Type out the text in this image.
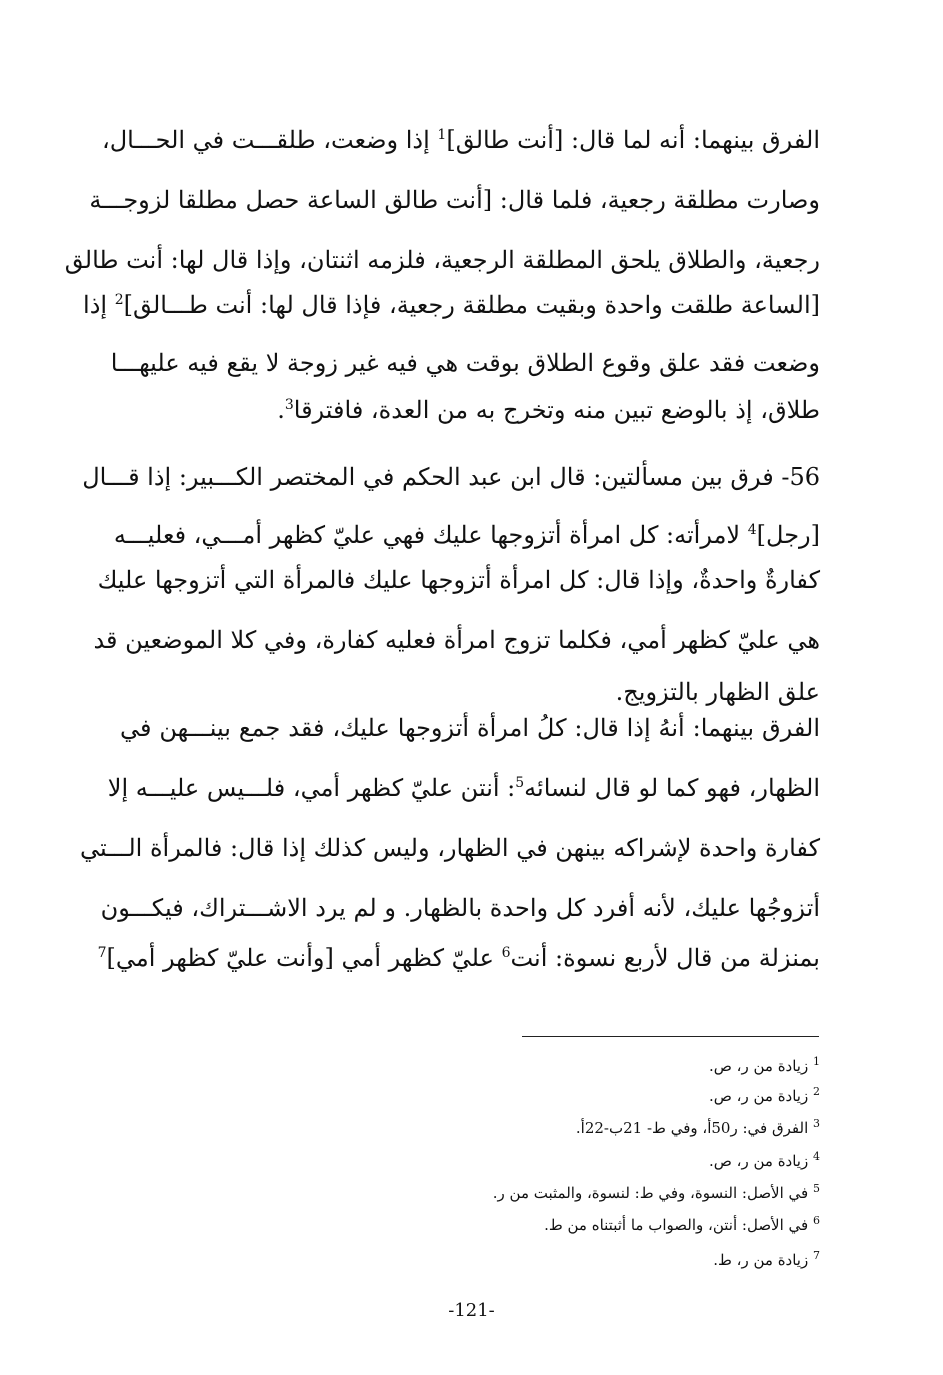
الفرق بينهما: أنه لما قال: [أنت طالق]$^1$ إذا وضعت، طلقـــت في الحـــال،
وصارت مطلقة رجعية، فلما قال: [أنت طالق الساعة حصل مطلقا لزوجـــة
رجعية، والطلاق يلحق المطلقة الرجعية، فلزمه اثنتان، وإذا قال لها: أنت طالق
[الساعة طلقت واحدة وبقيت مطلقة رجعية، فإذا قال لها: أنت طـــالق]$^2$ إذا
وضعت فقد علق وقوع الطلاق بوقت هي فيه غير زوجة لا يقع فيه عليهـــا
طلاق، إذ بالوضع تبين منه وتخرج به من العدة، فافترقا$^3$.
56- فرق بين مسألتين: قال ابن عبد الحكم في المختصر الكـــبير: إذا قـــال
[رجل]$^4$ لامرأته: كل امرأة أتزوجها عليك فهي عليّ كظهر أمـــي، فعليـــه
كفارةٌ واحدةٌ، وإذا قال: كل امرأة أتزوجها عليك فالمرأة التي أتزوجها عليك
هي عليّ كظهر أمي، فكلما تزوج امرأة فعليه كفارة، وفي كلا الموضعين قد
علق الظهار بالتزويج.
الفرق بينهما: أنهُ إذا قال: كلُ امرأة أتزوجها عليك، فقد جمع بينـــهن في
الظهار، فهو كما لو قال لنسائه$^5$: أنتن عليّ كظهر أمي، فلـــيس عليـــه إلا
كفارة واحدة لإشراكه بينهن في الظهار، وليس كذلك إذا قال: فالمرأة الـــتي
أتزوجُها عليك، لأنه أفرد كل واحدة بالظهار. و لم يرد الاشـــتراك، فيكـــون
بمنزلة من قال لأربع نسوة: أنت$^6$ عليّ كظهر أمي [وأنت عليّ كظهر أمي]$^7$
$^1$ زيادة من ر، ص.
$^2$ زيادة من ر، ص.
$^3$ الفرق في: ر50أ، وفي ط- 21ب-22أ.
$^4$ زيادة من ر، ص.
$^5$ في الأصل: النسوة، وفي ط: لنسوة، والمثبت من ر.
$^6$ في الأصل: أنتن، والصواب ما أثبتناه من ط.
$^7$ زيادة من ر، ط.
-121-
